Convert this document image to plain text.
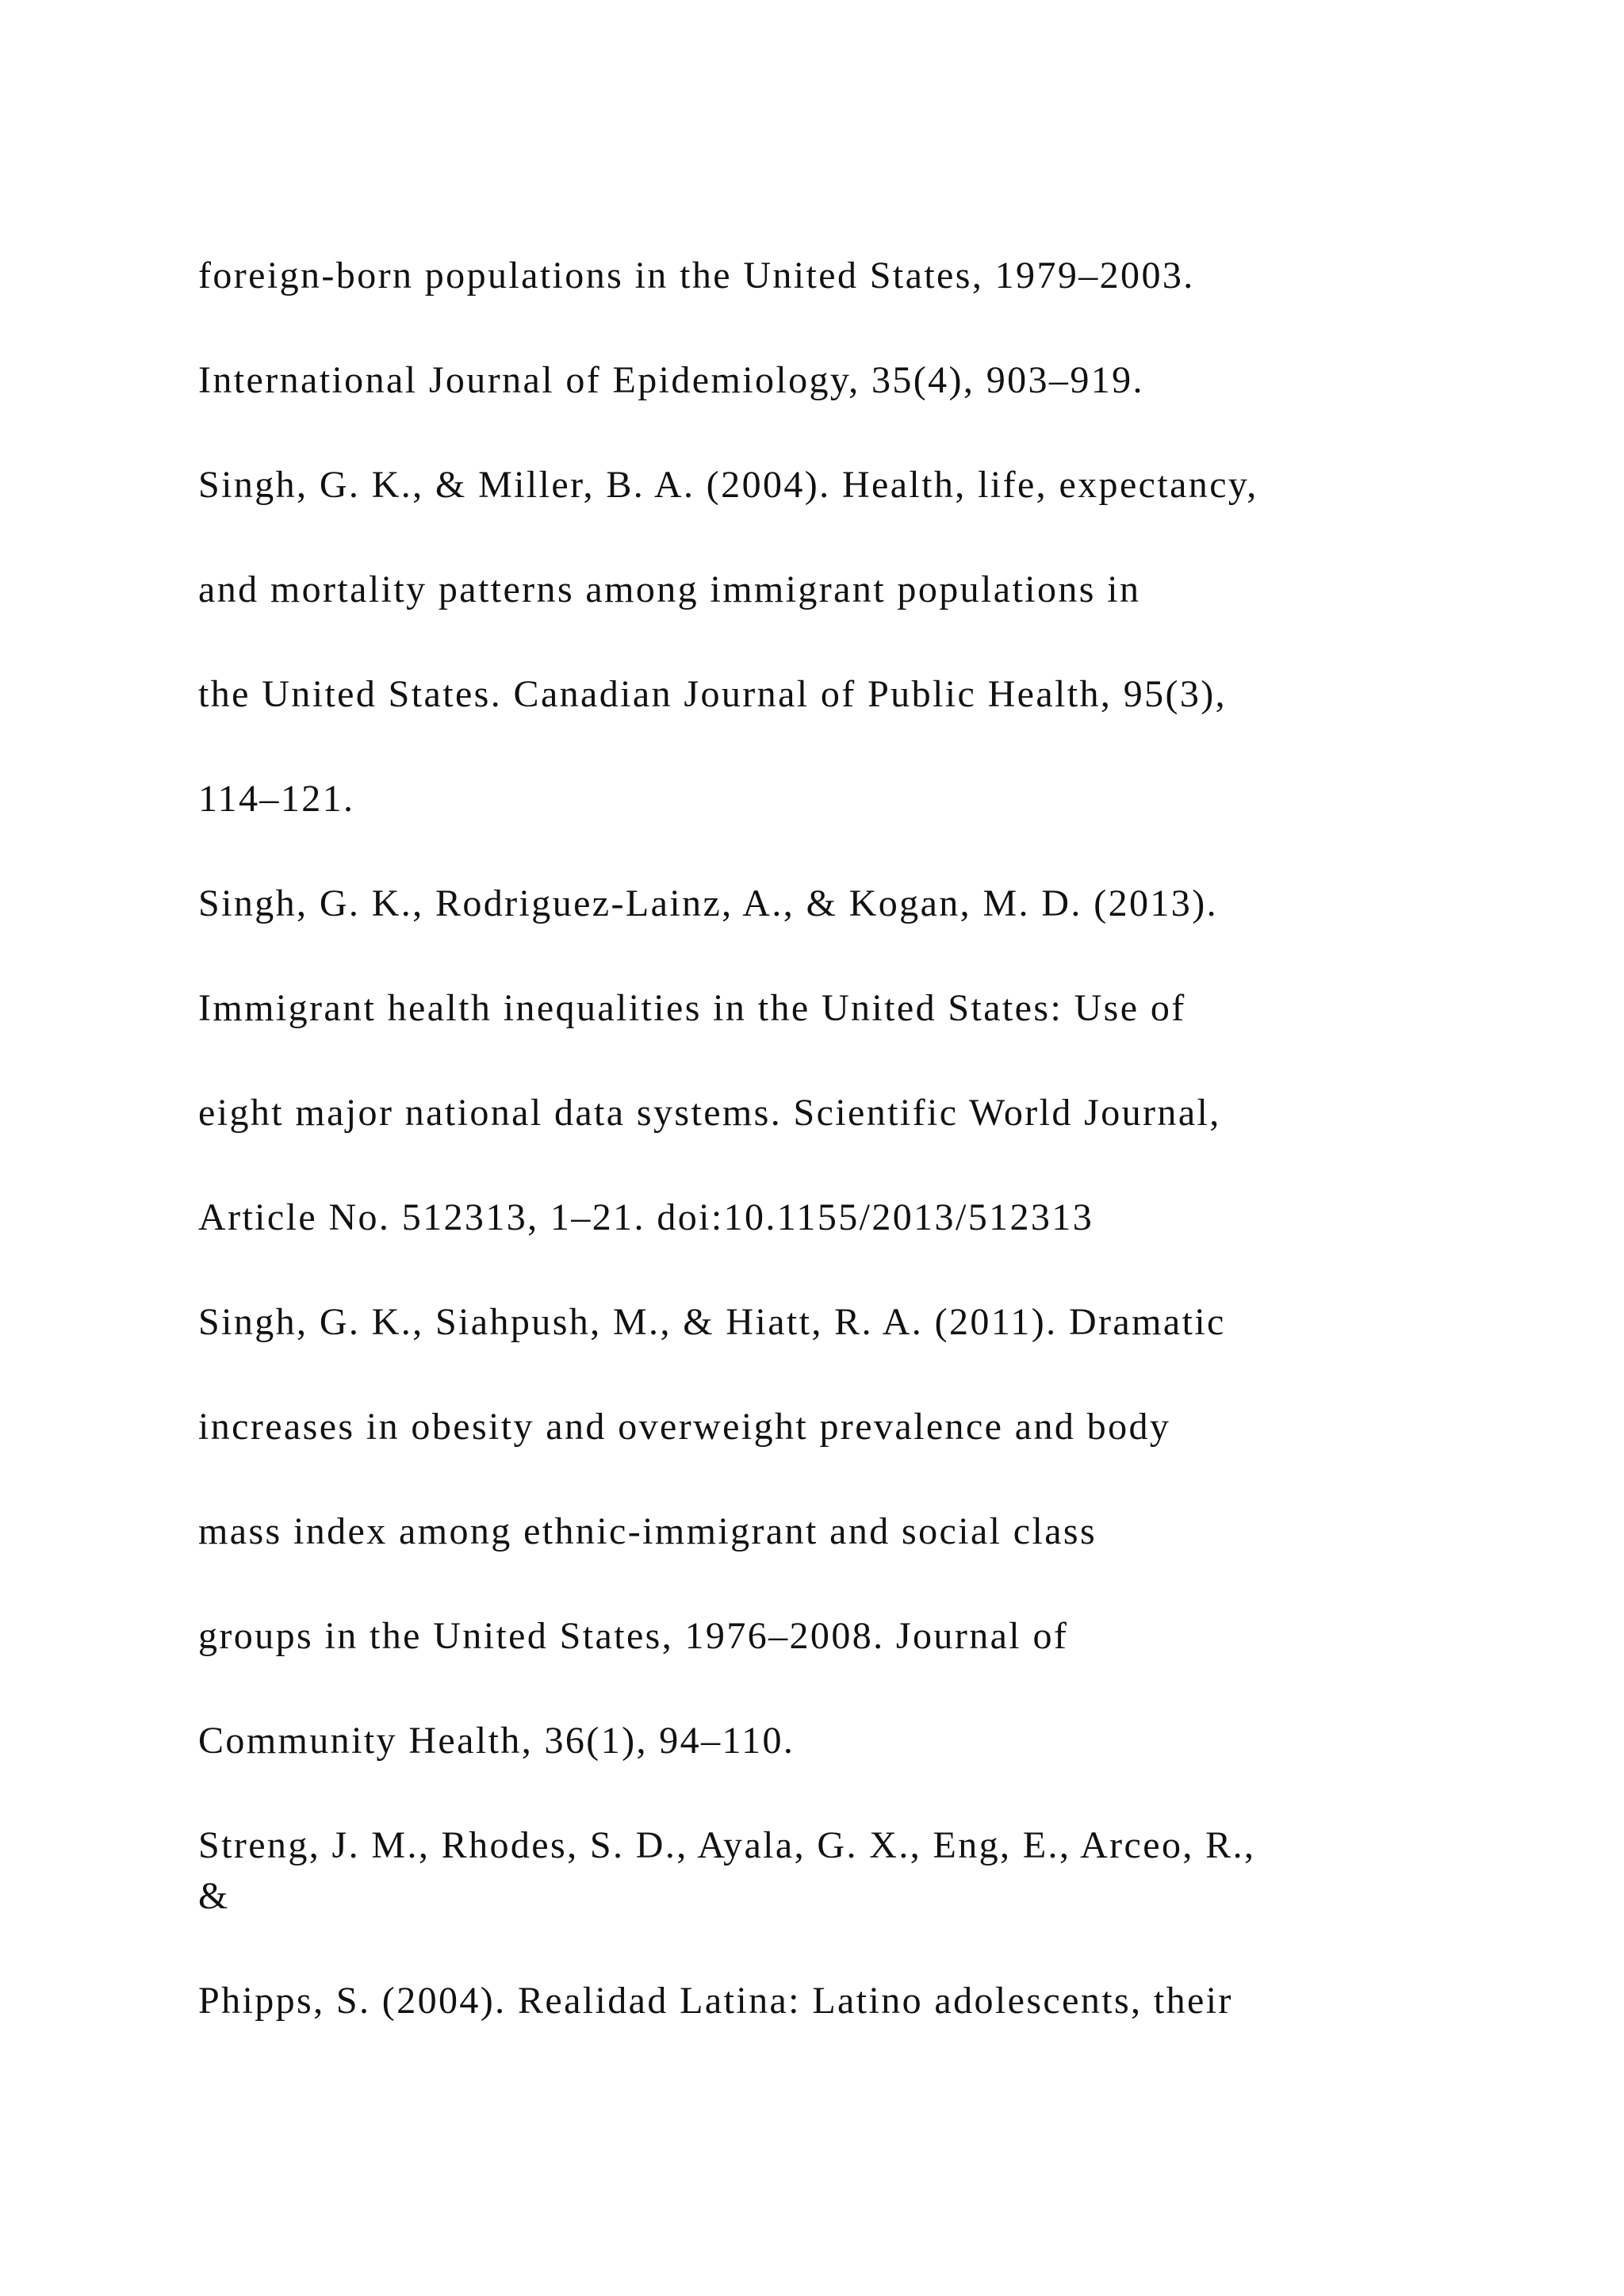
foreign-born populations in the United States, 1979–2003.

International Journal of Epidemiology, 35(4), 903–919.

Singh, G. K., & Miller, B. A. (2004). Health, life, expectancy,

and mortality patterns among immigrant populations in

the United States. Canadian Journal of Public Health, 95(3),

114–121.

Singh, G. K., Rodriguez-Lainz, A., & Kogan, M. D. (2013).

Immigrant health inequalities in the United States: Use of

eight major national data systems. Scientific World Journal,

Article No. 512313, 1–21. doi:10.1155/2013/512313

Singh, G. K., Siahpush, M., & Hiatt, R. A. (2011). Dramatic

increases in obesity and overweight prevalence and body

mass index among ethnic-immigrant and social class

groups in the United States, 1976–2008. Journal of

Community Health, 36(1), 94–110.

Streng, J. M., Rhodes, S. D., Ayala, G. X., Eng, E., Arceo, R.,

&

Phipps, S. (2004). Realidad Latina: Latino adolescents, their
